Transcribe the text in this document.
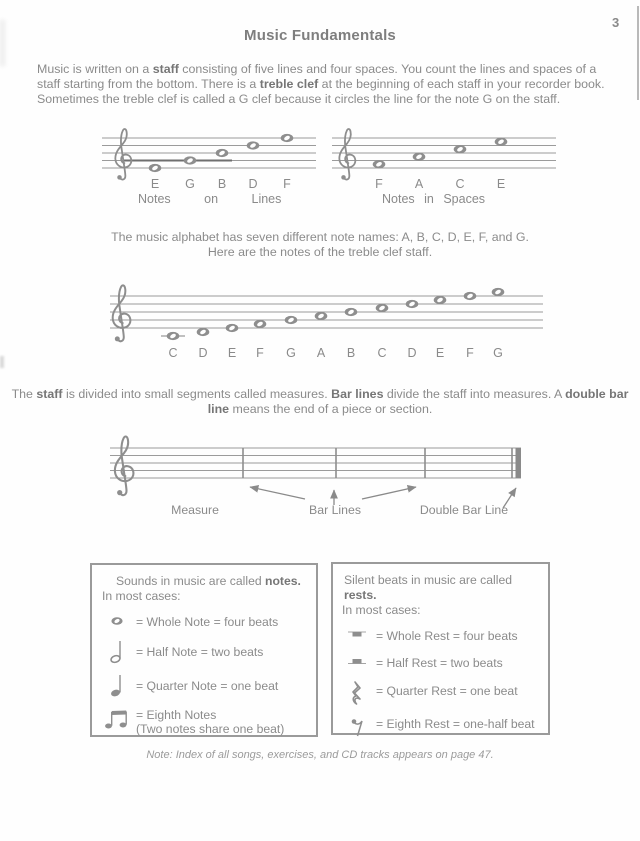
3
Music Fundamentals

Music is written on a staff consisting of five lines and four spaces. You count the lines and spaces of a staff starting from the bottom. There is a treble clef at the beginning of each staff in your recorder book. Sometimes the treble clef is called a G clef because it circles the line for the note G on the staff.

E	G	B	D	F
Notes on Lines
F	A	C	E
Notes in Spaces
The music alphabet has seven different note names: A, B, C, D, E, F, and G.
Here are the notes of the treble clef staff.
C	D	E	F	G	A	B	C	D	E	F	G
The staff is divided into small segments called measures. Bar lines divide the staff into measures. A double bar line means the end of a piece or section.
Measure	Bar Lines	Double Bar Line
Sounds in music are called notes.
In most cases:
= Whole Note = four beats
= Half Note = two beats
= Quarter Note = one beat
= Eighth Notes
(Two notes share one beat)
Silent beats in music are called rests.
In most cases:
= Whole Rest = four beats
= Half Rest = two beats
= Quarter Rest = one beat
= Eighth Rest = one-half beat
Note: Index of all songs, exercises, and CD tracks appears on page 47.
